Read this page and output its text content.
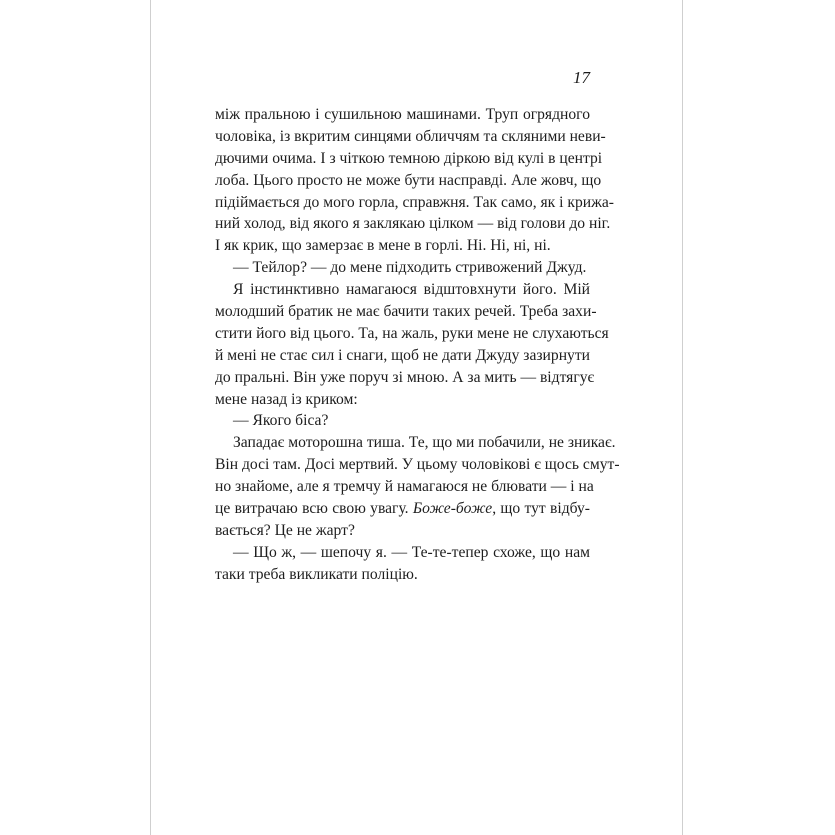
17
між пральною і сушильною машинами. Труп огрядного
чоловіка, із вкритим синцями обличчям та скляними неви-
дючими очима. І з чіткою темною діркою від кулі в центрі
лоба. Цього просто не може бути насправді. Але жовч, що
підіймається до мого горла, справжня. Так само, як і крижа-
ний холод, від якого я заклякаю цілком — від голови до ніг.
І як крик, що замерзає в мене в горлі. Ні. Ні, ні, ні.
— Тейлор? — до мене підходить стривожений Джуд.
Я інстинктивно намагаюся відштовхнути його. Мій
молодший братик не має бачити таких речей. Треба захи-
стити його від цього. Та, на жаль, руки мене не слухаються
й мені не стає сил і снаги, щоб не дати Джуду зазирнути
до пральні. Він уже поруч зі мною. А за мить — відтягує
мене назад із криком:
— Якого біса?
Западає моторошна тиша. Те, що ми побачили, не зникає.
Він досі там. Досі мертвий. У цьому чоловікові є щось смут-
но знайоме, але я тремчу й намагаюся не блювати — і на
це витрачаю всю свою увагу. Боже-боже, що тут відбу-
вається? Це не жарт?
— Що ж, — шепочу я. — Те-те-тепер схоже, що нам
таки треба викликати поліцію.
